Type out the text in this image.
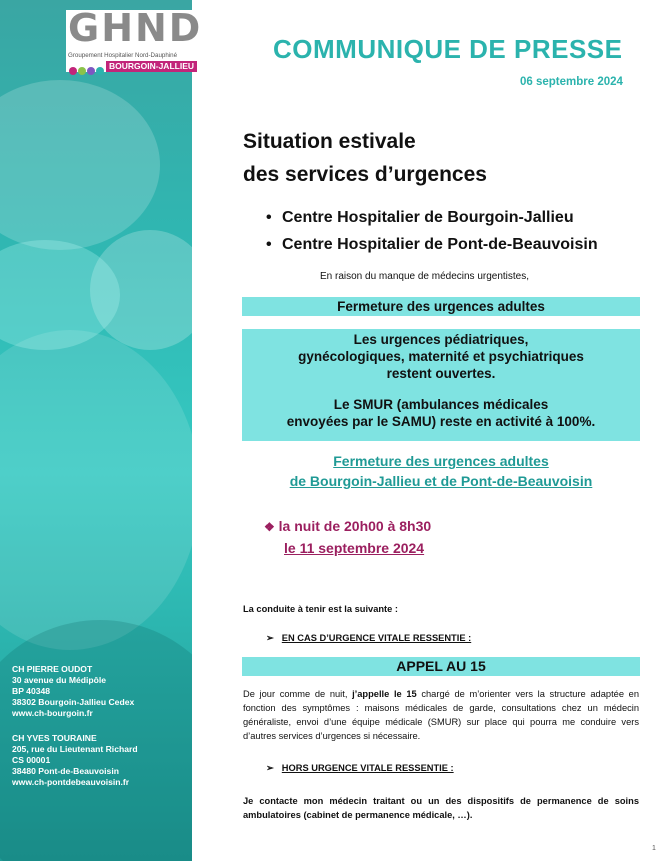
CH PIERRE OUDOT
30 avenue du Médipôle
BP 40348
38302 Bourgoin-Jallieu Cedex
www.ch-bourgoin.fr
CH YVES TOURAINE
205, rue du Lieutenant Richard
CS 00001
38480 Pont-de-Beauvoisin
www.ch-pontdebeauvoisin.fr
GHND
Groupement Hospitalier Nord-Dauphiné
BOURGOIN-JALLIEU
COMMUNIQUE DE PRESSE
06 septembre 2024
Situation estivale
des services d’urgences
• Centre Hospitalier de Bourgoin-Jallieu
• Centre Hospitalier de Pont-de-Beauvoisin
En raison du manque de médecins urgentistes,
Fermeture des urgences adultes
Les urgences pédiatriques,
gynécologiques, maternité et psychiatriques
restent ouvertes.
Le SMUR (ambulances médicales
envoyées par le SAMU) reste en activité à 100%.
Fermeture des urgences adultes
de Bourgoin-Jallieu et de Pont-de-Beauvoisin
❖ la nuit de 20h00 à 8h30
le 11 septembre 2024
La conduite à tenir est la suivante :
➢ EN CAS D’URGENCE VITALE RESSENTIE :
APPEL AU 15
De jour comme de nuit, j’appelle le 15 chargé de m’orienter vers la structure adaptée en fonction des symptômes : maisons médicales de garde, consultations chez un médecin généraliste, envoi d’une équipe médicale (SMUR) sur place qui pourra me conduire vers d’autres services d’urgences si nécessaire.
➢ HORS URGENCE VITALE RESSENTIE :
Je contacte mon médecin traitant ou un des dispositifs de permanence de soins ambulatoires (cabinet de permanence médicale, …).
1
